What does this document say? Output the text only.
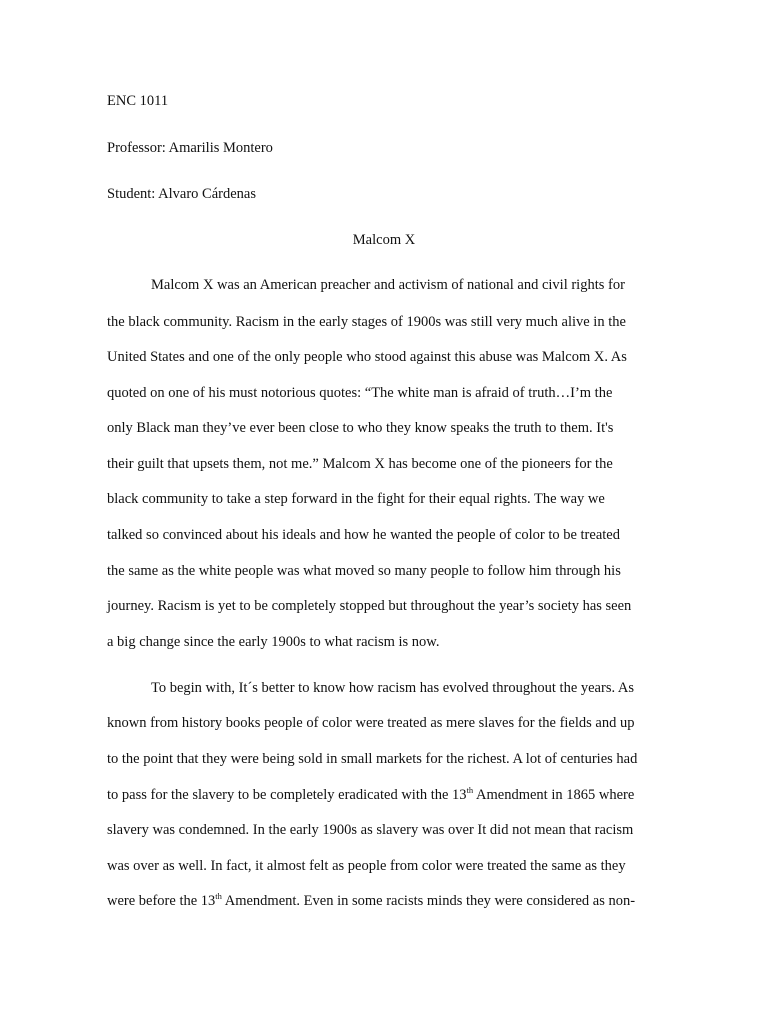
ENC 1011
Professor: Amarilis Montero
Student: Alvaro Cárdenas
Malcom X
Malcom X was an American preacher and activism of national and civil rights for
the black community. Racism in the early stages of 1900s was still very much alive in the
United States and one of the only people who stood against this abuse was Malcom X. As
quoted on one of his must notorious quotes: “The white man is afraid of truth…I’m the
only Black man they’ve ever been close to who they know speaks the truth to them. It's
their guilt that upsets them, not me.” Malcom X has become one of the pioneers for the
black community to take a step forward in the fight for their equal rights. The way we
talked so convinced about his ideals and how he wanted the people of color to be treated
the same as the white people was what moved so many people to follow him through his
journey. Racism is yet to be completely stopped but throughout the year’s society has seen
a big change since the early 1900s to what racism is now.
To begin with, It´s better to know how racism has evolved throughout the years. As
known from history books people of color were treated as mere slaves for the fields and up
to the point that they were being sold in small markets for the richest. A lot of centuries had
to pass for the slavery to be completely eradicated with the 13th Amendment in 1865 where
slavery was condemned. In the early 1900s as slavery was over It did not mean that racism
was over as well. In fact, it almost felt as people from color were treated the same as they
were before the 13th Amendment. Even in some racists minds they were considered as non-
